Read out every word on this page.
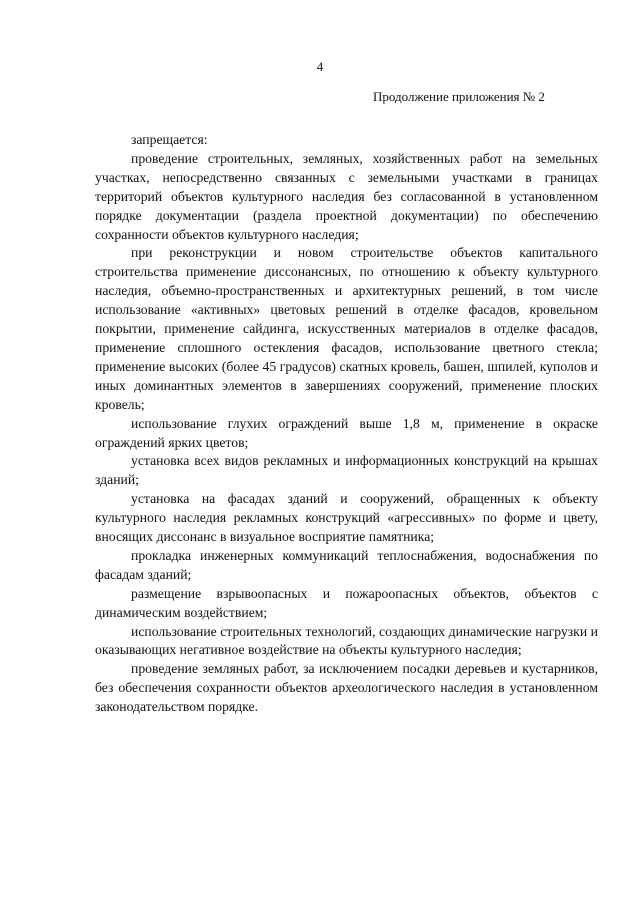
4
Продолжение приложения № 2

запрещается:

проведение строительных, земляных, хозяйственных работ на земельных участках, непосредственно связанных с земельными участками в границах территорий объектов культурного наследия без согласованной в установленном порядке документации (раздела проектной документации) по обеспечению сохранности объектов культурного наследия;

при реконструкции и новом строительстве объектов капитального строительства применение диссонансных, по отношению к объекту культурного наследия, объемно-пространственных и архитектурных решений, в том числе использование «активных» цветовых решений в отделке фасадов, кровельном покрытии, применение сайдинга, искусственных материалов в отделке фасадов, применение сплошного остекления фасадов, использование цветного стекла; применение высоких (более 45 градусов) скатных кровель, башен, шпилей, куполов и иных доминантных элементов в завершениях сооружений, применение плоских кровель;

использование глухих ограждений выше 1,8 м, применение в окраске ограждений ярких цветов;

установка всех видов рекламных и информационных конструкций на крышах зданий;

установка на фасадах зданий и сооружений, обращенных к объекту культурного наследия рекламных конструкций «агрессивных» по форме и цвету, вносящих диссонанс в визуальное восприятие памятника;

прокладка инженерных коммуникаций теплоснабжения, водоснабжения по фасадам зданий;

размещение взрывоопасных и пожароопасных объектов, объектов с динамическим воздействием;

использование строительных технологий, создающих динамические нагрузки и оказывающих негативное воздействие на объекты культурного наследия;

проведение земляных работ, за исключением посадки деревьев и кустарников, без обеспечения сохранности объектов археологического наследия в установленном законодательством порядке.
